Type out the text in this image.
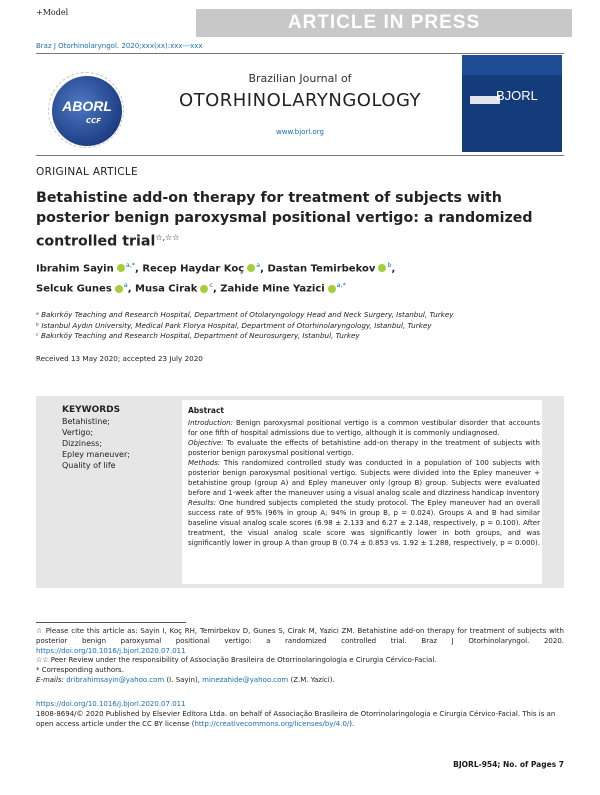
+Model	ARTICLE IN PRESS
Braz J Otorhinolaryngol. 2020;xxx(xx):xxx---xxx
ABORL
CCF
Brazilian Journal of
OTORHINOLARYNGOLOGY
www.bjorl.org
BJORL
ORIGINAL ARTICLE
Betahistine add-on therapy for treatment of subjects with posterior benign paroxysmal positional vertigo: a randomized controlled trial☆,☆☆
Ibrahim Sayin $^{a,*}$, Recep Haydar Koç $^a$, Dastan Temirbekov $^b$,
Selcuk Gunes $^a$, Musa Cirak $^c$, Zahide Mine Yazici $^{a,*}$
ᵃ Bakırköy Teaching and Research Hospital, Department of Otolaryngology Head and Neck Surgery, Istanbul, Turkey
ᵇ Istanbul Aydın University, Medical Park Florya Hospital, Department of Otorhinolaryngology, Istanbul, Turkey
ᶜ Bakırköy Teaching and Research Hospital, Department of Neurosurgery, Istanbul, Turkey
Received 13 May 2020; accepted 23 July 2020
KEYWORDS
Betahistine;
Vertigo;
Dizziness;
Epley maneuver;
Quality of life
Abstract

Introduction: Benign paroxysmal positional vertigo is a common vestibular disorder that accounts for one fifth of hospital admissions due to vertigo, although it is commonly undiagnosed.

Objective: To evaluate the effects of betahistine add-on therapy in the treatment of subjects with posterior benign paroxysmal positional vertigo.

Methods: This randomized controlled study was conducted in a population of 100 subjects with posterior benign paroxysmal positional vertigo. Subjects were divided into the Epley maneuver + betahistine group (group A) and Epley maneuver only (group B) group. Subjects were evaluated before and 1-week after the maneuver using a visual analog scale and dizziness handicap inventory

Results: One hundred subjects completed the study protocol. The Epley maneuver had an overall success rate of 95% (96% in group A; 94% in group B, p = 0.024). Groups A and B had similar baseline visual analog scale scores (6.98 ± 2.133 and 6.27 ± 2.148, respectively, p = 0.100). After treatment, the visual analog scale score was significantly lower in both groups, and was significantly lower in group A than group B (0.74 ± 0.853 vs. 1.92 ± 1.288, respectively, p = 0.000).

☆ Please cite this article as: Sayin I, Koç RH, Temirbekov D, Gunes S, Cirak M, Yazici ZM. Betahistine add-on therapy for treatment of subjects with posterior benign paroxysmal positional vertigo: a randomized controlled trial. Braz J Otorhinolaryngol. 2020. https://doi.org/10.1016/j.bjorl.2020.07.011
☆☆ Peer Review under the responsibility of Associação Brasileira de Otorrinolaringologia e Cirurgia Cérvico-Facial.
* Corresponding authors.
E-mails: dribrahimsayin@yahoo.com (I. Sayin), minezahide@yahoo.com (Z.M. Yazici).
https://doi.org/10.1016/j.bjorl.2020.07.011
1808-8694/© 2020 Published by Elsevier Editora Ltda. on behalf of Associação Brasileira de Otorrinolaringologia e Cirurgia Cérvico-Facial. This is an open access article under the CC BY license (http://creativecommons.org/licenses/by/4.0/).
BJORL-954; No. of Pages 7
